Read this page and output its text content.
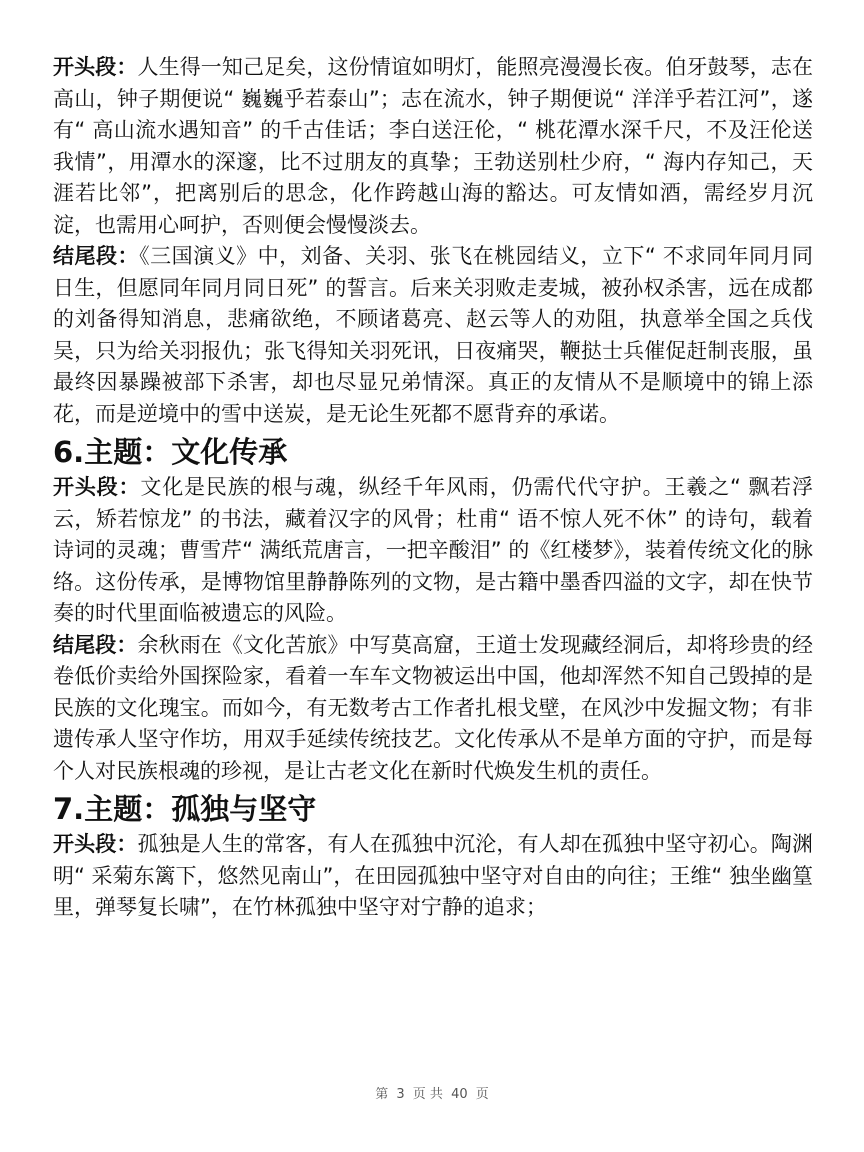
开头段：人生得一知己足矣，这份情谊如明灯，能照亮漫漫长夜。伯牙鼓琴，志在高山，钟子期便说“ 巍巍乎若泰山”；志在流水，钟子期便说“ 洋洋乎若江河”，遂有“ 高山流水遇知音” 的千古佳话；李白送汪伦，“ 桃花潭水深千尺，不及汪伦送我情”，用潭水的深邃，比不过朋友的真挚；王勃送别杜少府，“ 海内存知己，天涯若比邻”，把离别后的思念，化作跨越山海的豁达。可友情如酒，需经岁月沉淀，也需用心呵护，否则便会慢慢淡去。

结尾段：《三国演义》中，刘备、关羽、张飞在桃园结义，立下“ 不求同年同月同日生，但愿同年同月同日死” 的誓言。后来关羽败走麦城，被孙权杀害，远在成都的刘备得知消息，悲痛欲绝，不顾诸葛亮、赵云等人的劝阻，执意举全国之兵伐吴，只为给关羽报仇；张飞得知关羽死讯，日夜痛哭，鞭挞士兵催促赶制丧服，虽最终因暴躁被部下杀害，却也尽显兄弟情深。真正的友情从不是顺境中的锦上添花，而是逆境中的雪中送炭，是无论生死都不愿背弃的承诺。

6.主题：文化传承

开头段：文化是民族的根与魂，纵经千年风雨，仍需代代守护。王羲之“ 飘若浮云，矫若惊龙” 的书法，藏着汉字的风骨；杜甫“ 语不惊人死不休” 的诗句，载着诗词的灵魂；曹雪芹“ 满纸荒唐言，一把辛酸泪” 的《红楼梦》，装着传统文化的脉络。这份传承，是博物馆里静静陈列的文物，是古籍中墨香四溢的文字，却在快节奏的时代里面临被遗忘的风险。

结尾段：余秋雨在《文化苦旅》中写莫高窟，王道士发现藏经洞后，却将珍贵的经卷低价卖给外国探险家，看着一车车文物被运出中国，他却浑然不知自己毁掉的是民族的文化瑰宝。而如今，有无数考古工作者扎根戈壁，在风沙中发掘文物；有非遗传承人坚守作坊，用双手延续传统技艺。文化传承从不是单方面的守护，而是每个人对民族根魂的珍视，是让古老文化在新时代焕发生机的责任。

7.主题：孤独与坚守

开头段：孤独是人生的常客，有人在孤独中沉沦，有人却在孤独中坚守初心。陶渊明“ 采菊东篱下，悠然见南山”，在田园孤独中坚守对自由的向往；王维“ 独坐幽篁里，弹琴复长啸”，在竹林孤独中坚守对宁静的追求；

第 3 页 共 40 页
